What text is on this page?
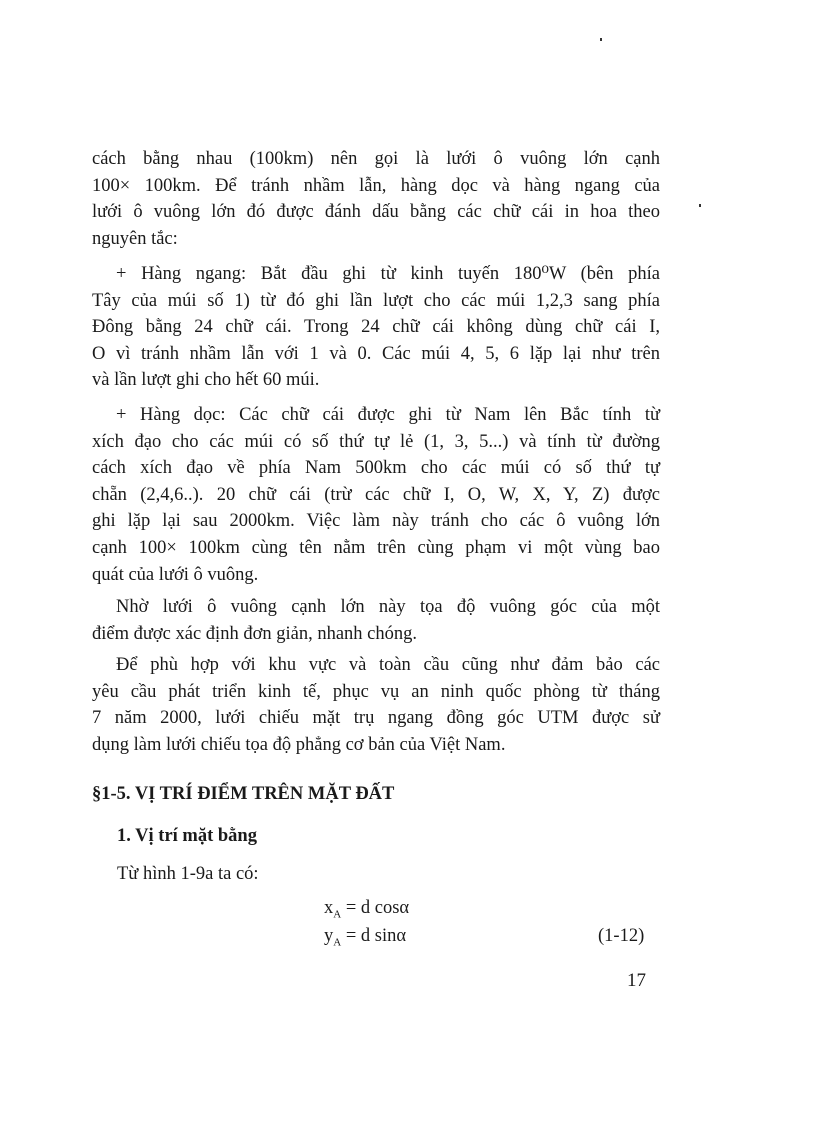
cách bằng nhau (100km) nên gọi là lưới ô vuông lớn cạnh
100× 100km. Để tránh nhầm lẫn, hàng dọc và hàng ngang của
lưới ô vuông lớn đó được đánh dấu bằng các chữ cái in hoa theo
nguyên tắc:
+ Hàng ngang: Bắt đầu ghi từ kinh tuyến 180⁰W (bên phía
Tây của múi số 1) từ đó ghi lần lượt cho các múi 1,2,3 sang phía
Đông bằng 24 chữ cái. Trong 24 chữ cái không dùng chữ cái I,
O vì tránh nhầm lẫn với 1 và 0. Các múi 4, 5, 6 lặp lại như trên
và lần lượt ghi cho hết 60 múi.
+ Hàng dọc: Các chữ cái được ghi từ Nam lên Bắc tính từ
xích đạo cho các múi có số thứ tự lẻ (1, 3, 5...) và tính từ đường
cách xích đạo về phía Nam 500km cho các múi có số thứ tự
chẵn (2,4,6..). 20 chữ cái (trừ các chữ I, O, W, X, Y, Z) được
ghi lặp lại sau 2000km. Việc làm này tránh cho các ô vuông lớn
cạnh 100× 100km cùng tên nằm trên cùng phạm vi một vùng bao
quát của lưới ô vuông.
Nhờ lưới ô vuông cạnh lớn này tọa độ vuông góc của một
điểm được xác định đơn giản, nhanh chóng.
Để phù hợp với khu vực và toàn cầu cũng như đảm bảo các
yêu cầu phát triển kinh tế, phục vụ an ninh quốc phòng từ tháng
7 năm 2000, lưới chiếu mặt trụ ngang đồng góc UTM được sử
dụng làm lưới chiếu tọa độ phẳng cơ bản của Việt Nam.
§1-5. VỊ TRÍ ĐIỂM TRÊN MẶT ĐẤT
1. Vị trí mặt bằng

Từ hình 1-9a ta có:

$x_A = d$ cosα
$y_A = d$ sinα	(1-12)
17
